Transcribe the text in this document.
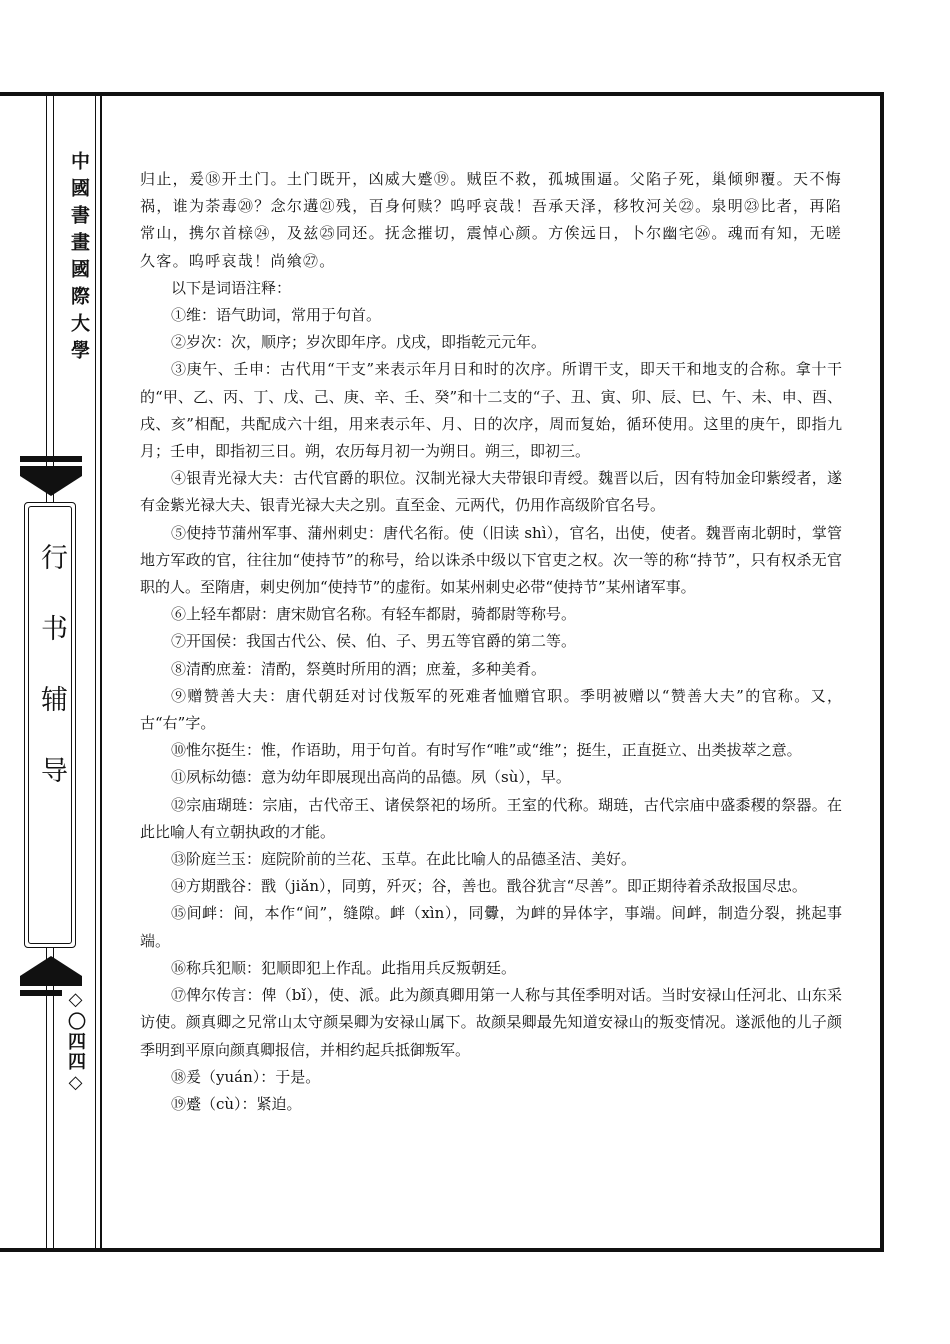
中國書畫國際大學
行书辅导
◇〇四四◇

归止，爰⑱开土门。土门既开，凶威大蹙⑲。贼臣不救，孤城围逼。父陷子死，巢倾卵覆。天不悔祸，谁为荼毒⑳？念尔遘㉑残，百身何赎？呜呼哀哉！吾承天泽，移牧河关㉒。泉明㉓比者，再陷常山，携尔首榇㉔，及兹㉕同还。抚念摧切，震悼心颜。方俟远日，卜尔幽宅㉖。魂而有知，无嗟久客。呜呼哀哉！尚飨㉗。

以下是词语注释：

①维：语气助词，常用于句首。

②岁次：次，顺序；岁次即年序。戊戌，即指乾元元年。

③庚午、壬申：古代用“干支”来表示年月日和时的次序。所谓干支，即天干和地支的合称。拿十干的“甲、乙、丙、丁、戊、己、庚、辛、壬、癸”和十二支的“子、丑、寅、卯、辰、巳、午、未、申、酉、戌、亥”相配，共配成六十组，用来表示年、月、日的次序，周而复始，循环使用。这里的庚午，即指九月；壬申，即指初三日。朔，农历每月初一为朔日。朔三，即初三。

④银青光禄大夫：古代官爵的职位。汉制光禄大夫带银印青绶。魏晋以后，因有特加金印紫绶者，遂有金紫光禄大夫、银青光禄大夫之别。直至金、元两代，仍用作高级阶官名号。

⑤使持节蒲州军事、蒲州刺史：唐代名衔。使（旧读 shì），官名，出使，使者。魏晋南北朝时，掌管地方军政的官，往往加“使持节”的称号，给以诛杀中级以下官吏之权。次一等的称“持节”，只有权杀无官职的人。至隋唐，刺史例加“使持节”的虚衔。如某州刺史必带“使持节”某州诸军事。

⑥上轻车都尉：唐宋勋官名称。有轻车都尉，骑都尉等称号。

⑦开国侯：我国古代公、侯、伯、子、男五等官爵的第二等。

⑧清酌庶羞：清酌，祭奠时所用的酒；庶羞，多种美肴。

⑨赠赞善大夫：唐代朝廷对讨伐叛军的死难者恤赠官职。季明被赠以“赞善大夫”的官称。又，古“右”字。

⑩惟尔挺生：惟，作语助，用于句首。有时写作“唯”或“维”；挺生，正直挺立、出类拔萃之意。

⑪夙标幼德：意为幼年即展现出高尚的品德。夙（sù），早。

⑫宗庙瑚琏：宗庙，古代帝王、诸侯祭祀的场所。王室的代称。瑚琏，古代宗庙中盛黍稷的祭器。在此比喻人有立朝执政的才能。

⑬阶庭兰玉：庭院阶前的兰花、玉草。在此比喻人的品德圣洁、美好。

⑭方期戬谷：戬（jiǎn），同剪，歼灭；谷，善也。戬谷犹言“尽善”。即正期待着杀敌报国尽忠。

⑮间衅：间，本作“间”，缝隙。衅（xìn），同釁，为衅的异体字，事端。间衅，制造分裂，挑起事端。

⑯称兵犯顺：犯顺即犯上作乱。此指用兵反叛朝廷。

⑰俾尔传言：俾（bǐ），使、派。此为颜真卿用第一人称与其侄季明对话。当时安禄山任河北、山东采访使。颜真卿之兄常山太守颜杲卿为安禄山属下。故颜杲卿最先知道安禄山的叛变情况。遂派他的儿子颜季明到平原向颜真卿报信，并相约起兵抵御叛军。

⑱爰（yuán）：于是。

⑲蹙（cù）：紧迫。
